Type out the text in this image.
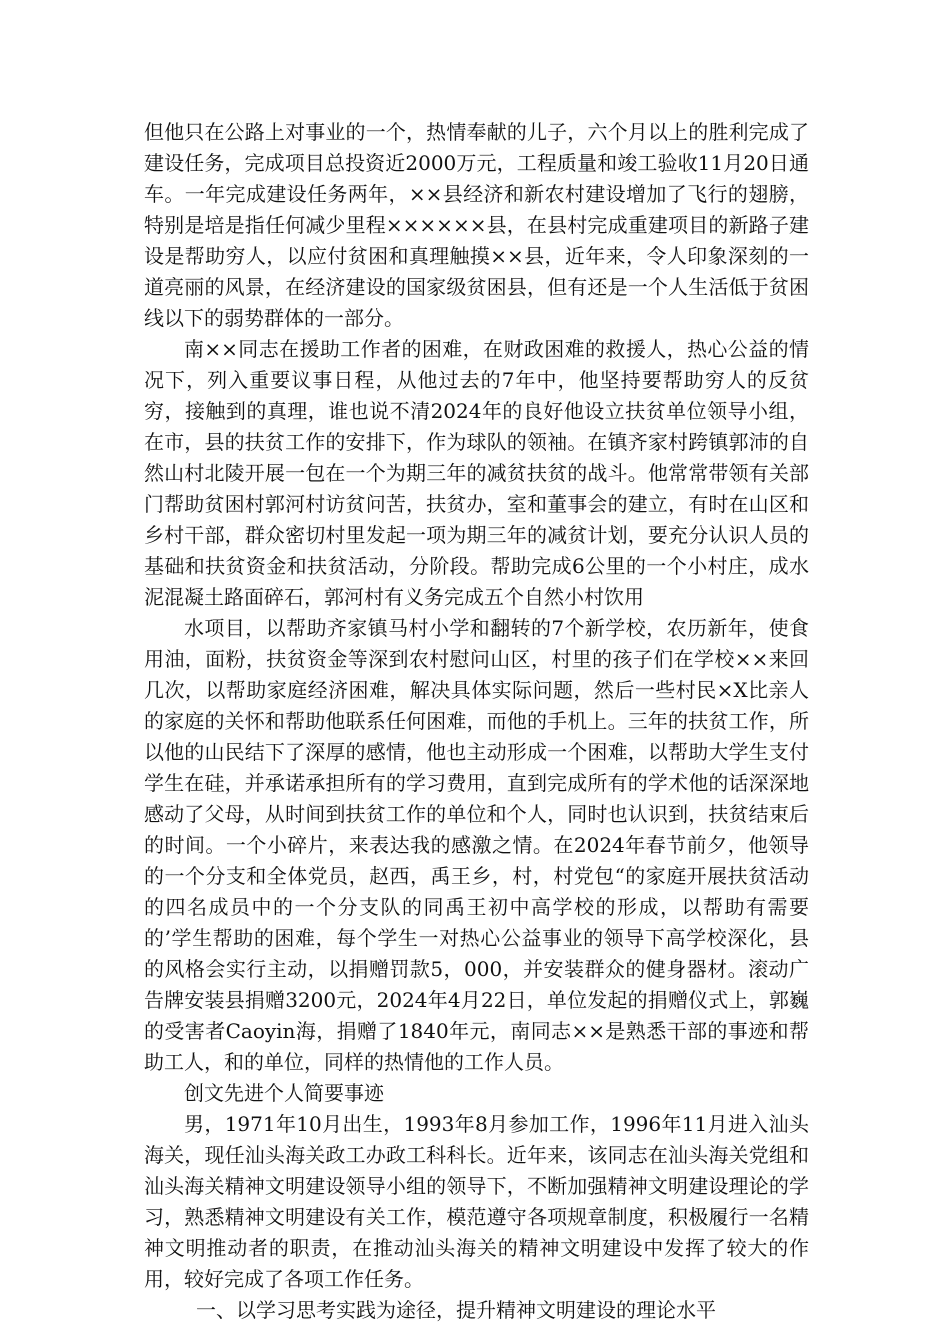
但他只在公路上对事业的一个，热情奉献的儿子，六个月以上的胜利完成了建设任务，完成项目总投资近2000万元，工程质量和竣工验收11月20日通车。一年完成建设任务两年，××县经济和新农村建设增加了飞行的翅膀，特别是培是指任何减少里程××××××县，在县村完成重建项目的新路子建设是帮助穷人，以应付贫困和真理触摸××县，近年来，令人印象深刻的一道亮丽的风景，在经济建设的国家级贫困县，但有还是一个人生活低于贫困线以下的弱势群体的一部分。

南××同志在援助工作者的困难，在财政困难的救援人，热心公益的情况下，列入重要议事日程，从他过去的7年中，他坚持要帮助穷人的反贫穷，接触到的真理，谁也说不清2024年的良好他设立扶贫单位领导小组，在市，县的扶贫工作的安排下，作为球队的领袖。在镇齐家村跨镇郭沛的自然山村北陵开展一包在一个为期三年的减贫扶贫的战斗。他常常带领有关部门帮助贫困村郭河村访贫问苦，扶贫办，室和董事会的建立，有时在山区和乡村干部，群众密切村里发起一项为期三年的减贫计划，要充分认识人员的基础和扶贫资金和扶贫活动，分阶段。帮助完成6公里的一个小村庄，成水泥混凝土路面碎石，郭河村有义务完成五个自然小村饮用

水项目，以帮助齐家镇马村小学和翻转的7个新学校，农历新年，使食用油，面粉，扶贫资金等深到农村慰问山区，村里的孩子们在学校××来回几次，以帮助家庭经济困难，解决具体实际问题，然后一些村民×X比亲人的家庭的关怀和帮助他联系任何困难，而他的手机上。三年的扶贫工作，所以他的山民结下了深厚的感情，他也主动形成一个困难，以帮助大学生支付学生在硅，并承诺承担所有的学习费用，直到完成所有的学术他的话深深地感动了父母，从时间到扶贫工作的单位和个人，同时也认识到，扶贫结束后的时间。一个小碎片，来表达我的感激之情。在2024年春节前夕，他领导的一个分支和全体党员，赵西，禹王乡，村，村党包“的家庭开展扶贫活动的四名成员中的一个分支队的同禹王初中高学校的形成，以帮助有需要的’学生帮助的困难，每个学生一对热心公益事业的领导下高学校深化，县的风格会实行主动，以捐赠罚款5，000，并安装群众的健身器材。滚动广告牌安装县捐赠3200元，2024年4月22日，单位发起的捐赠仪式上，郭巍的受害者Caoyin海，捐赠了1840年元，南同志××是熟悉干部的事迹和帮助工人，和的单位，同样的热情他的工作人员。

创文先进个人简要事迹

男，1971年10月出生，1993年8月参加工作，1996年11月进入汕头海关，现任汕头海关政工办政工科科长。近年来，该同志在汕头海关党组和汕头海关精神文明建设领导小组的领导下，不断加强精神文明建设理论的学习，熟悉精神文明建设有关工作，模范遵守各项规章制度，积极履行一名精神文明推动者的职责，在推动汕头海关的精神文明建设中发挥了较大的作用，较好完成了各项工作任务。

一、以学习思考实践为途径，提升精神文明建设的理论水平
